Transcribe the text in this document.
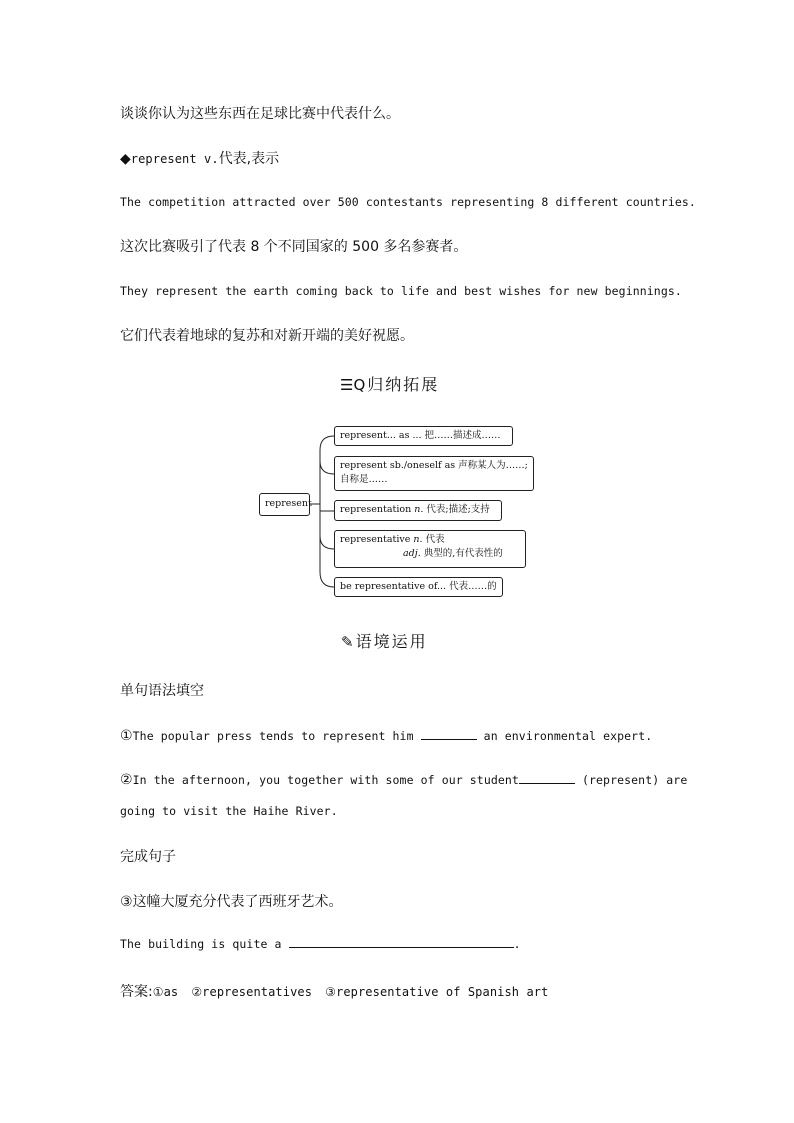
谈谈你认为这些东西在足球比赛中代表什么。
◆represent v.代表,表示
The competition attracted over 500 contestants representing 8 different countries.
这次比赛吸引了代表 8 个不同国家的 500 多名参赛者。
They represent the earth coming back to life and best wishes for new beginnings.
它们代表着地球的复苏和对新开端的美好祝愿。
☰Q 归纳拓展
represent
represent... as ... 把……描述成……
represent sb./oneself as 声称某人为……;
自称是……
representation n. 代表;描述;支持
representative n. 代表
adj. 典型的,有代表性的
be representative of... 代表……的
✎ 语境运用
单句语法填空
①The popular press tends to represent him	an environmental expert.
②In the afternoon, you together with some of our student	(represent) are
going to visit the Haihe River.
完成句子
③这幢大厦充分代表了西班牙艺术。
The building is quite a	.
答案:①as ②representatives ③representative of Spanish art
